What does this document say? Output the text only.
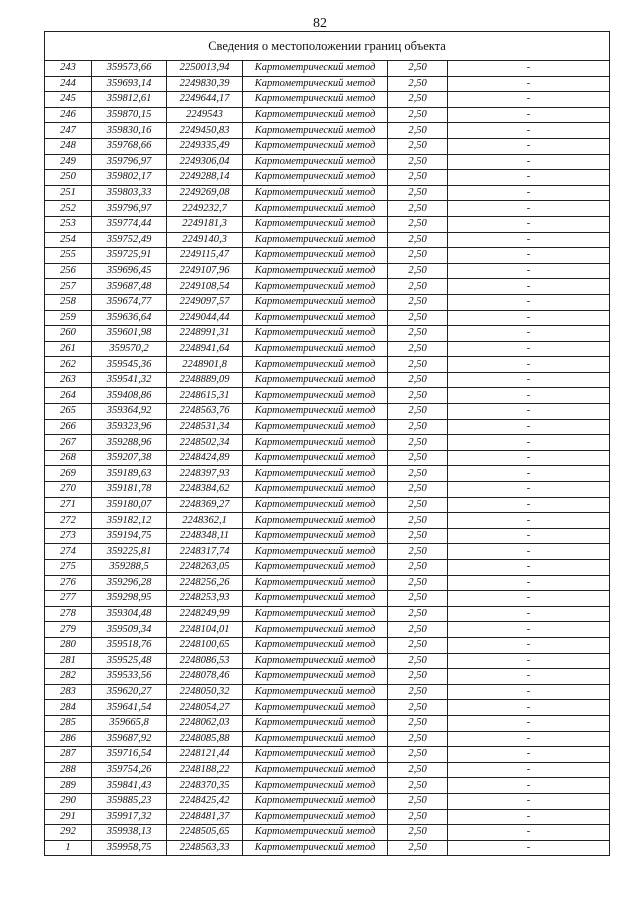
82
Сведения о местоположении границ объекта					
243	359573,66	2250013,94	Картометрический метод	2,50	-
244	359693,14	2249830,39	Картометрический метод	2,50	-
245	359812,61	2249644,17	Картометрический метод	2,50	-
246	359870,15	2249543	Картометрический метод	2,50	-
247	359830,16	2249450,83	Картометрический метод	2,50	-
248	359768,66	2249335,49	Картометрический метод	2,50	-
249	359796,97	2249306,04	Картометрический метод	2,50	-
250	359802,17	2249288,14	Картометрический метод	2,50	-
251	359803,33	2249269,08	Картометрический метод	2,50	-
252	359796,97	2249232,7	Картометрический метод	2,50	-
253	359774,44	2249181,3	Картометрический метод	2,50	-
254	359752,49	2249140,3	Картометрический метод	2,50	-
255	359725,91	2249115,47	Картометрический метод	2,50	-
256	359696,45	2249107,96	Картометрический метод	2,50	-
257	359687,48	2249108,54	Картометрический метод	2,50	-
258	359674,77	2249097,57	Картометрический метод	2,50	-
259	359636,64	2249044,44	Картометрический метод	2,50	-
260	359601,98	2248991,31	Картометрический метод	2,50	-
261	359570,2	2248941,64	Картометрический метод	2,50	-
262	359545,36	2248901,8	Картометрический метод	2,50	-
263	359541,32	2248889,09	Картометрический метод	2,50	-
264	359408,86	2248615,31	Картометрический метод	2,50	-
265	359364,92	2248563,76	Картометрический метод	2,50	-
266	359323,96	2248531,34	Картометрический метод	2,50	-
267	359288,96	2248502,34	Картометрический метод	2,50	-
268	359207,38	2248424,89	Картометрический метод	2,50	-
269	359189,63	2248397,93	Картометрический метод	2,50	-
270	359181,78	2248384,62	Картометрический метод	2,50	-
271	359180,07	2248369,27	Картометрический метод	2,50	-
272	359182,12	2248362,1	Картометрический метод	2,50	-
273	359194,75	2248348,11	Картометрический метод	2,50	-
274	359225,81	2248317,74	Картометрический метод	2,50	-
275	359288,5	2248263,05	Картометрический метод	2,50	-
276	359296,28	2248256,26	Картометрический метод	2,50	-
277	359298,95	2248253,93	Картометрический метод	2,50	-
278	359304,48	2248249,99	Картометрический метод	2,50	-
279	359509,34	2248104,01	Картометрический метод	2,50	-
280	359518,76	2248100,65	Картометрический метод	2,50	-
281	359525,48	2248086,53	Картометрический метод	2,50	-
282	359533,56	2248078,46	Картометрический метод	2,50	-
283	359620,27	2248050,32	Картометрический метод	2,50	-
284	359641,54	2248054,27	Картометрический метод	2,50	-
285	359665,8	2248062,03	Картометрический метод	2,50	-
286	359687,92	2248085,88	Картометрический метод	2,50	-
287	359716,54	2248121,44	Картометрический метод	2,50	-
288	359754,26	2248188,22	Картометрический метод	2,50	-
289	359841,43	2248370,35	Картометрический метод	2,50	-
290	359885,23	2248425,42	Картометрический метод	2,50	-
291	359917,32	2248481,37	Картометрический метод	2,50	-
292	359938,13	2248505,65	Картометрический метод	2,50	-
1	359958,75	2248563,33	Картометрический метод	2,50	-
